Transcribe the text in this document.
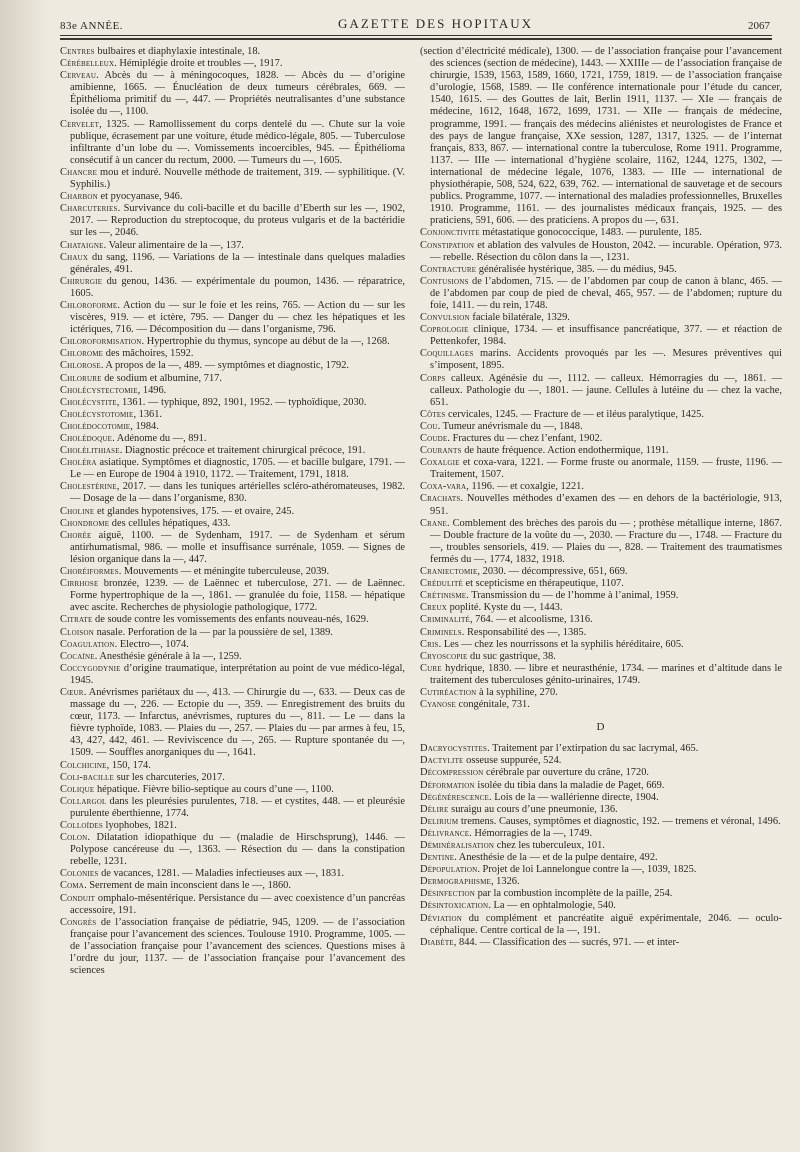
83e ANNÉE.	GAZETTE DES HOPITAUX	2067

Centres bulbaires et diaphylaxie intestinale, 18.

Cérébelleux. Hémiplégie droite et troubles —, 1917.

Cerveau. Abcès du — à méningocoques, 1828. — Abcès du — d’origine amibienne, 1665. — Énucléation de deux tumeurs cérébrales, 669. — Épithélioma primitif du —, 447. — Propriétés neutralisantes d’une substance isolée du —, 1100.

Cervelet, 1325. — Ramollissement du corps dentelé du —. Chute sur la voie publique, écrasement par une voiture, étude médico-légale, 805. — Tuberculose infiltrante d’un lobe du —. Vomissements incoercibles, 945. — Épithélioma consécutif à un cancer du rectum, 2000. — Tumeurs du —, 1605.

Chancre mou et induré. Nouvelle méthode de traitement, 319. — syphilitique. (V. Syphilis.)

Charbon et pyocyanase, 946.

Charcuteries. Survivance du coli-bacille et du bacille d’Eberth sur les —, 1902, 2017. — Reproduction du streptocoque, du proteus vulgaris et de la bactéridie sur les —, 2046.

Chataigne. Valeur alimentaire de la —, 137.

Chaux du sang, 1196. — Variations de la — intestinale dans quelques maladies générales, 491.

Chirurgie du genou, 1436. — expérimentale du poumon, 1436. — réparatrice, 1605.

Chloroforme. Action du — sur le foie et les reins, 765. — Action du — sur les viscères, 919. — et ictère, 795. — Danger du — chez les hépatiques et les ictériques, 716. — Décomposition du — dans l’organisme, 796.

Chloroformisation. Hypertrophie du thymus, syncope au début de la —, 1268.

Chlorome des mâchoires, 1592.

Chlorose. A propos de la —, 489. — symptômes et diagnostic, 1792.

Chlorure de sodium et albumine, 717.

Cholécystectomie, 1496.

Cholécystite, 1361. — typhique, 892, 1901, 1952. — typhoïdique, 2030.

Cholécystotomie, 1361.

Cholédocotomie, 1984.

Cholédoque. Adénome du —, 891.

Cholélithiase. Diagnostic précoce et traitement chirurgical précoce, 191.

Choléra asiatique. Symptômes et diagnostic, 1705. — et bacille bulgare, 1791. — Le — en Europe de 1904 à 1910, 1172. — Traitement, 1791, 1818.

Cholestérine, 2017. — dans les tuniques artérielles scléro-athéromateuses, 1982. — Dosage de la — dans l’organisme, 830.

Choline et glandes hypotensives, 175. — et ovaire, 245.

Chondrome des cellules hépatiques, 433.

Chorée aiguë, 1100. — de Sydenham, 1917. — de Sydenham et sérum antirhumatismal, 986. — molle et insuffisance surrénale, 1059. — Signes de lésion organique dans la —, 447.

Choréiformes. Mouvements — et méningite tuberculeuse, 2039.

Cirrhose bronzée, 1239. — de Laënnec et tuberculose, 271. — de Laënnec. Forme hypertrophique de la —, 1861. — granulée du foie, 1158. — hépatique avec ascite. Recherches de physiologie pathologique, 1772.

Citrate de soude contre les vomissements des enfants nouveau-nés, 1629.

Cloison nasale. Perforation de la — par la poussière de sel, 1389.

Coagulation. Electro—, 1074.

Cocaïne. Anesthésie générale à la —, 1259.

Coccygodynie d’origine traumatique, interprétation au point de vue médico-légal, 1945.

Cœur. Anévrismes pariétaux du —, 413. — Chirurgie du —, 633. — Deux cas de massage du —, 226. — Ectopie du —, 359. — Enregistrement des bruits du cœur, 1173. — Infarctus, anévrismes, ruptures du —, 811. — Le — dans la fièvre typhoïde, 1083. — Plaies du —, 257. — Plaies du — par armes à feu, 15, 43, 427, 442, 461. — Reviviscence du —, 265. — Rupture spontanée du —, 1509. — Souffles anorganiques du —, 1641.

Colchicine, 150, 174.

Coli-bacille sur les charcuteries, 2017.

Colique hépatique. Fièvre bilio-septique au cours d’une —, 1100.

Collargol dans les pleurésies purulentes, 718. — et cystites, 448. — et pleurésie purulente éberthienne, 1774.

Colloïdes lyophobes, 1821.

Colon. Dilatation idiopathique du — (maladie de Hirschsprung), 1446. — Polypose cancéreuse du —, 1363. — Résection du — dans la constipation rebelle, 1231.

Colonies de vacances, 1281. — Maladies infectieuses aux —, 1831.

Coma. Serrement de main inconscient dans le —, 1860.

Conduit omphalo-mésentérique. Persistance du — avec coexistence d’un pancréas accessoire, 191.

Congrès de l’association française de pédiatrie, 945, 1209. — de l’association française pour l’avancement des sciences. Toulouse 1910. Programme, 1005. — de l’association française pour l’avancement des sciences. Questions mises à l’ordre du jour, 1137. — de l’association française pour l’avancement des sciences

(section d’électricité médicale), 1300. — de l’association française pour l’avancement des sciences (section de médecine), 1443. — XXIIIe — de l’association française de chirurgie, 1539, 1563, 1589, 1660, 1721, 1759, 1819. — de l’association française d’urologie, 1568, 1589. — IIe conférence internationale pour l’étude du cancer, 1540, 1615. — des Gouttes de lait, Berlin 1911, 1137. — XIe — français de médecine, 1612, 1648, 1672, 1699, 1731. — XIIe — français de médecine, programme, 1991. — français des médecins aliénistes et neurologistes de France et des pays de langue française, XXe session, 1287, 1317, 1325. — de l’internat français, 833, 867. — international contre la tuberculose, Rome 1911. Programme, 1137. — IIIe — international d’hygiène scolaire, 1162, 1244, 1275, 1302, — international de médecine légale, 1076, 1383. — IIIe — international de physiothérapie, 508, 524, 622, 639, 762. — international de sauvetage et de secours publics. Programme, 1077. — international des maladies professionnelles, Bruxelles 1910. Programme, 1161. — des journalistes médicaux français, 1925. — des praticiens, 591, 606. — des praticiens. A propos du —, 631.

Conjonctivite métastatique gonococcique, 1483. — purulente, 185.

Constipation et ablation des valvules de Houston, 2042. — incurable. Opération, 973. — rebelle. Résection du côlon dans la —, 1231.

Contracture généralisée hystérique, 385. — du médius, 945.

Contusions de l’abdomen, 715. — de l’abdomen par coup de canon à blanc, 465. — de l’abdomen par coup de pied de cheval, 465, 957. — de l’abdomen; rupture du foie, 1411. — du rein, 1748.

Convulsion faciale bilatérale, 1329.

Coprologie clinique, 1734. — et insuffisance pancréatique, 377. — et réaction de Pettenkofer, 1984.

Coquillages marins. Accidents provoqués par les —. Mesures préventives qui s’imposent, 1895.

Corps calleux. Agénésie du —, 1112. — calleux. Hémorragies du —, 1861. — calleux. Pathologie du —, 1801. — jaune. Cellules à lutéine du — chez la vache, 651.

Côtes cervicales, 1245. — Fracture de — et iléus paralytique, 1425.

Cou. Tumeur anévrismale du —, 1848.

Coude. Fractures du — chez l’enfant, 1902.

Courants de haute fréquence. Action endothermique, 1191.

Coxalgie et coxa-vara, 1221. — Forme fruste ou anormale, 1159. — fruste, 1196. — Traitement, 1507.

Coxa-vara, 1196. — et coxalgie, 1221.

Crachats. Nouvelles méthodes d’examen des — en dehors de la bactériologie, 913, 951.

Crane. Comblement des brèches des parois du — ; prothèse métallique interne, 1867. — Double fracture de la voûte du —, 2030. — Fracture du —, 1748. — Fracture du —, troubles sensoriels, 419. — Plaies du —, 828. — Traitement des traumatismes fermés du —, 1774, 1832, 1918.

Craniectomie, 2030. — décompressive, 651, 669.

Crédulité et scepticisme en thérapeutique, 1107.

Crétinisme. Transmission du — de l’homme à l’animal, 1959.

Creux poplité. Kyste du —, 1443.

Criminalité, 764. — et alcoolisme, 1316.

Criminels. Responsabilité des —, 1385.

Cris. Les — chez les nourrissons et la syphilis héréditaire, 605.

Cryoscopie du suc gastrique, 38.

Cure hydrique, 1830. — libre et neurasthénie, 1734. — marines et d’altitude dans le traitement des tuberculoses génito-urinaires, 1749.

Cutiréaction à la syphiline, 270.

Cyanose congénitale, 731.

D

Dacryocystites. Traitement par l’extirpation du sac lacrymal, 465.

Dactylite osseuse suppurée, 524.

Décompression cérébrale par ouverture du crâne, 1720.

Déformation isolée du tibia dans la maladie de Paget, 669.

Dégénérescence. Lois de la — wallérienne directe, 1904.

Délire suraigu au cours d’une pneumonie, 136.

Delirium tremens. Causes, symptômes et diagnostic, 192. — tremens et véronal, 1496.

Délivrance. Hémorragies de la —, 1749.

Déminéralisation chez les tuberculeux, 101.

Dentine. Anesthésie de la — et de la pulpe dentaire, 492.

Dépopulation. Projet de loi Lannelongue contre la —, 1039, 1825.

Dermographisme, 1326.

Désinfection par la combustion incomplète de la paille, 254.

Désintoxication. La — en ophtalmologie, 540.

Déviation du complément et pancréatite aiguë expérimentale, 2046. — oculo-céphalique. Centre cortical de la —, 191.

Diabète, 844. — Classification des — sucrés, 971. — et inter-
